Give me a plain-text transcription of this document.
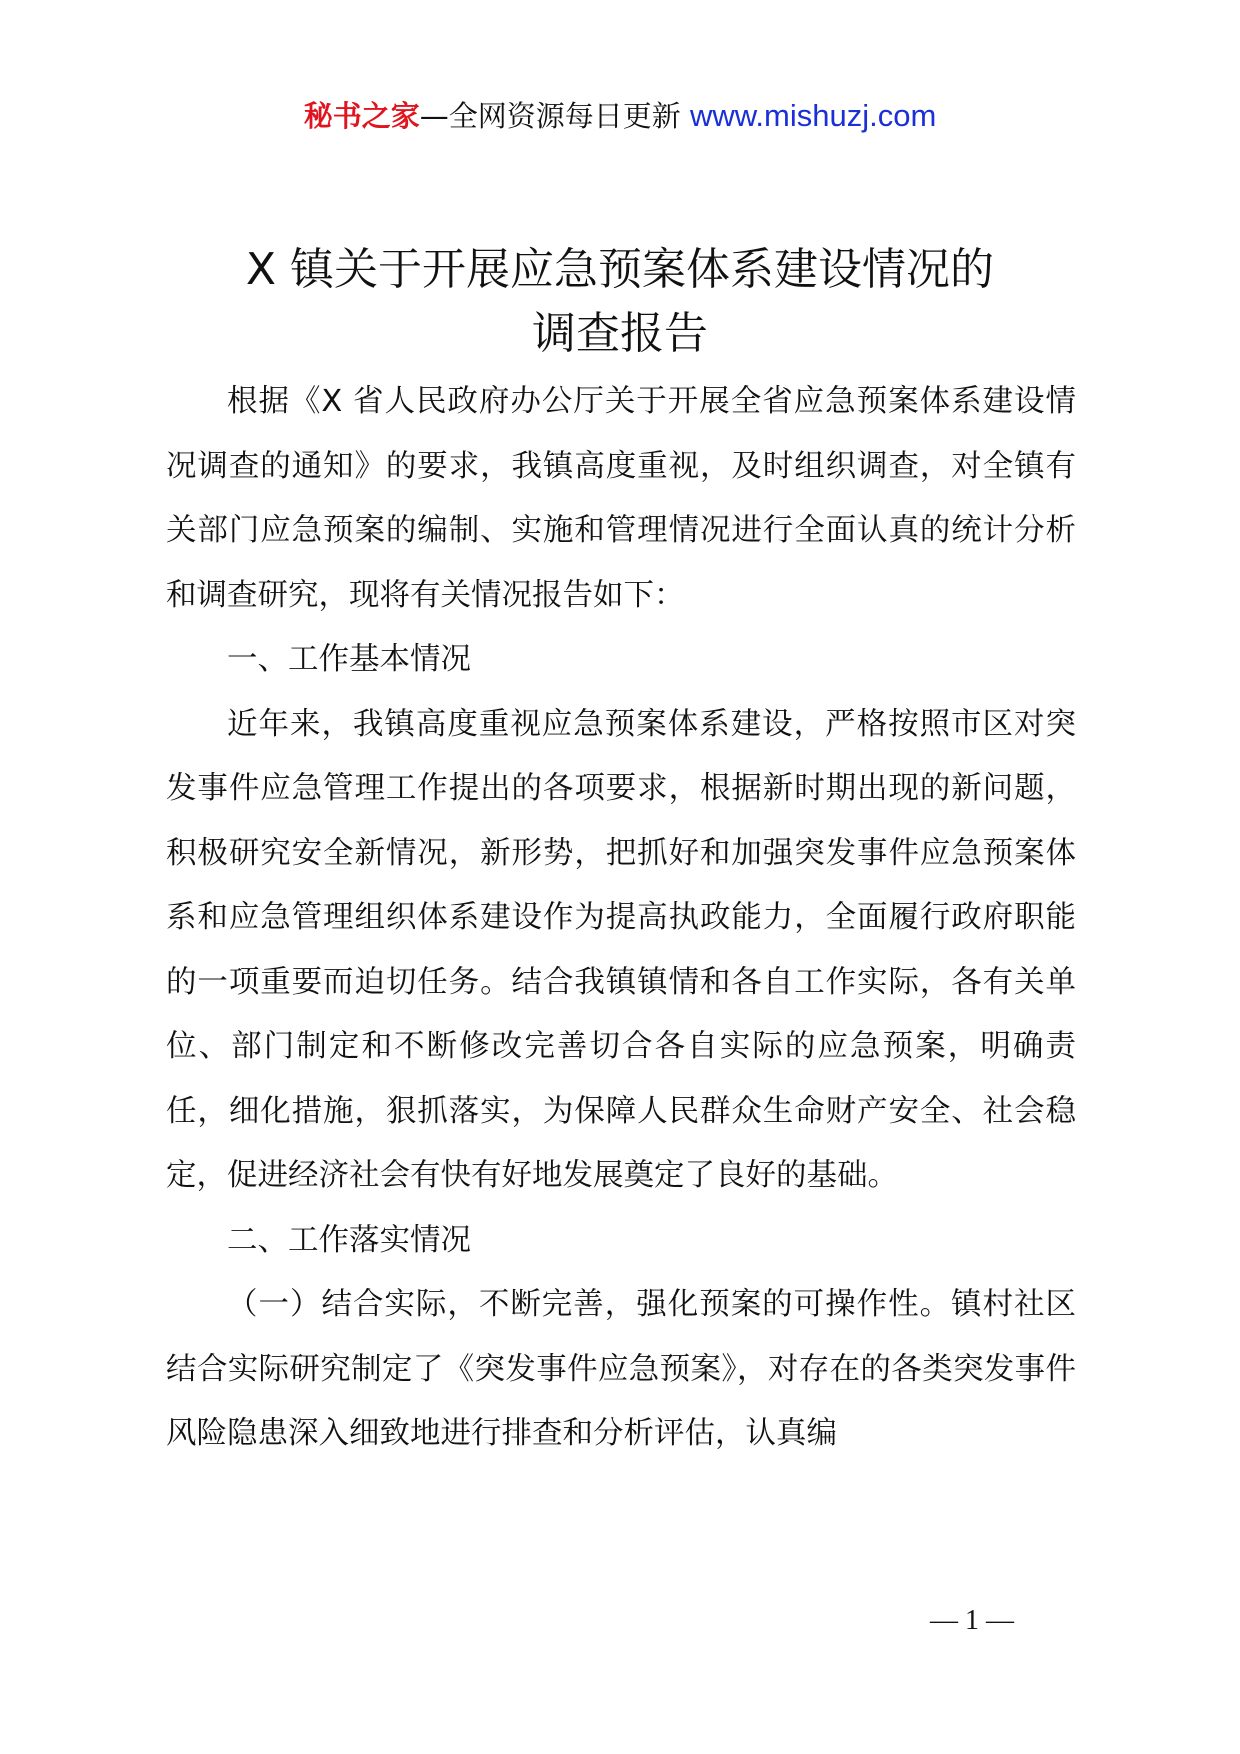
秘书之家—全网资源每日更新 www.mishuzj.com
X 镇关于开展应急预案体系建设情况的
调查报告

根据《X 省人民政府办公厅关于开展全省应急预案体系建设情况调查的通知》的要求，我镇高度重视，及时组织调查，对全镇有关部门应急预案的编制、实施和管理情况进行全面认真的统计分析和调查研究，现将有关情况报告如下：

一、工作基本情况

近年来，我镇高度重视应急预案体系建设，严格按照市区对突发事件应急管理工作提出的各项要求，根据新时期出现的新问题，积极研究安全新情况，新形势，把抓好和加强突发事件应急预案体系和应急管理组织体系建设作为提高执政能力，全面履行政府职能的一项重要而迫切任务。结合我镇镇情和各自工作实际，各有关单位、部门制定和不断修改完善切合各自实际的应急预案，明确责任，细化措施，狠抓落实，为保障人民群众生命财产安全、社会稳定，促进经济社会有快有好地发展奠定了良好的基础。

二、工作落实情况

（一）结合实际，不断完善，强化预案的可操作性。镇村社区结合实际研究制定了《突发事件应急预案》，对存在的各类突发事件风险隐患深入细致地进行排查和分析评估，认真编

— 1 —
